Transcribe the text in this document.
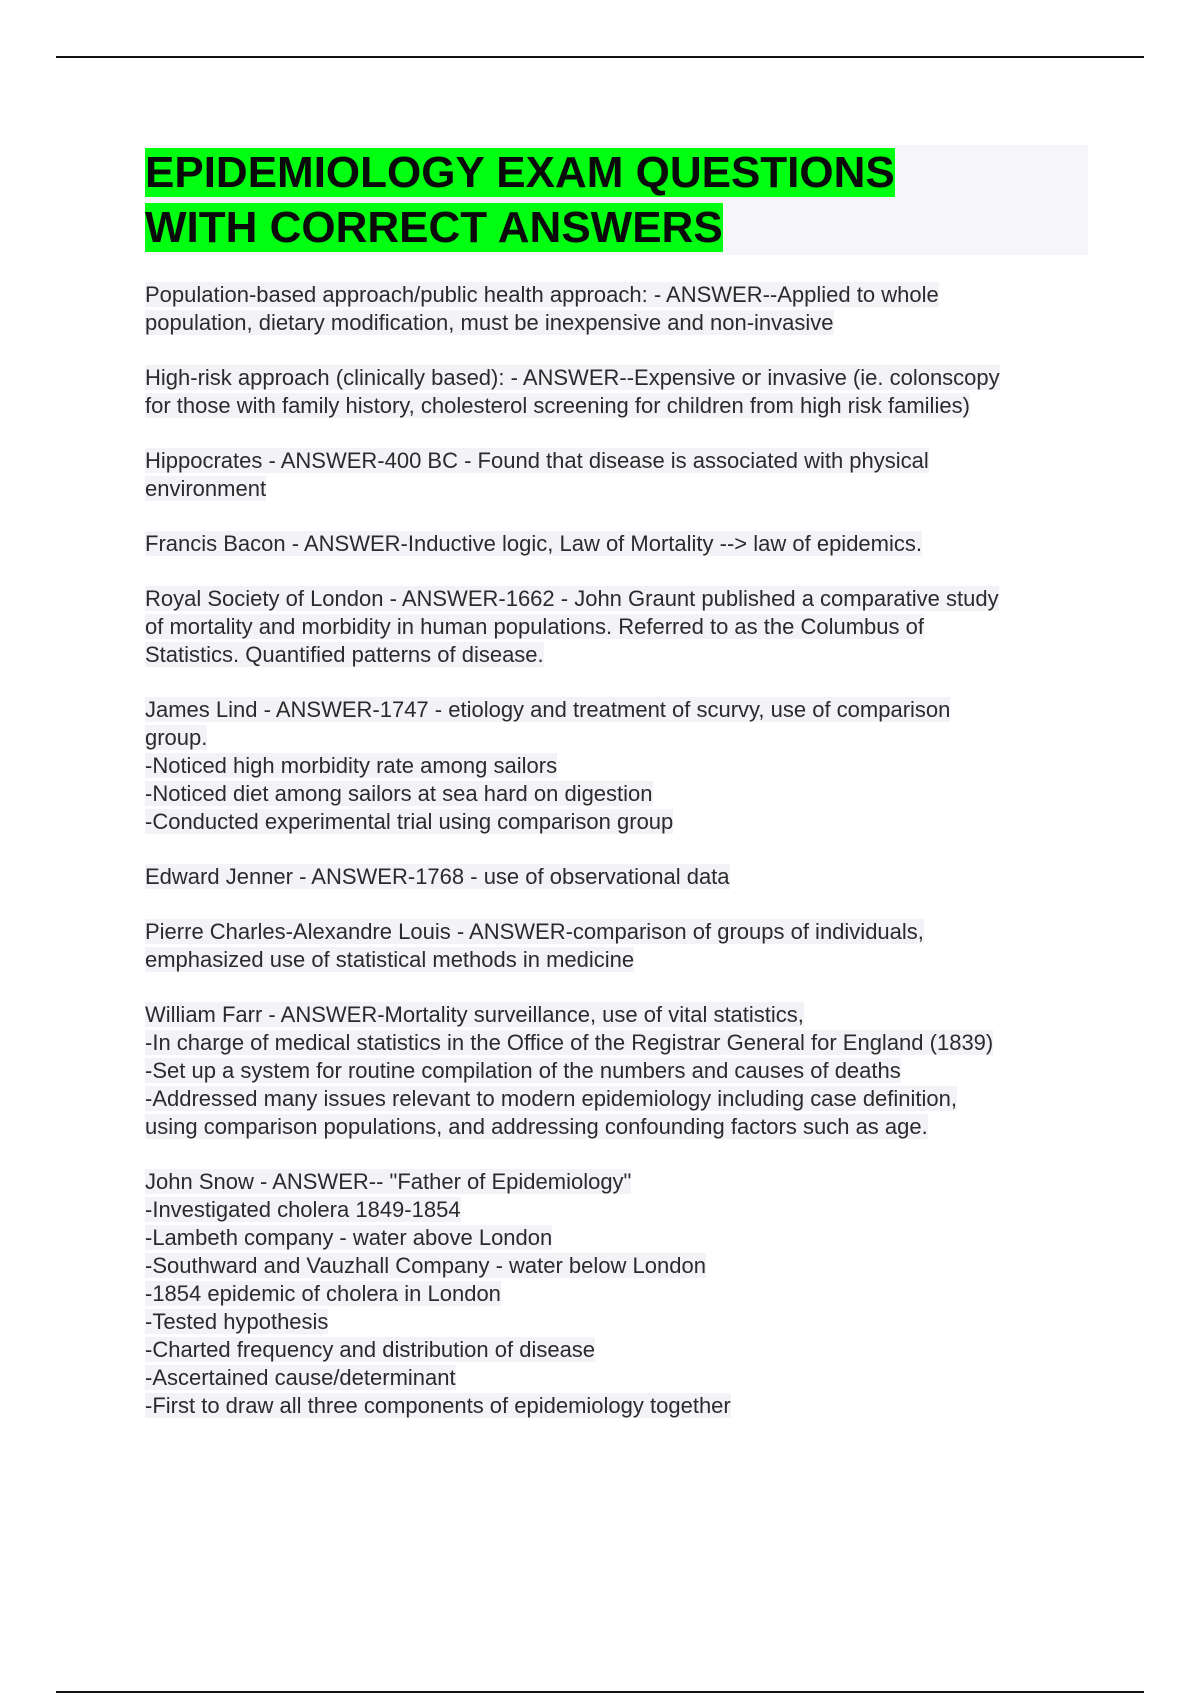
EPIDEMIOLOGY EXAM QUESTIONS
WITH CORRECT ANSWERS
Population-based approach/public health approach: - ANSWER--Applied to whole
population, dietary modification, must be inexpensive and non-invasive
High-risk approach (clinically based): - ANSWER--Expensive or invasive (ie. colonscopy
for those with family history, cholesterol screening for children from high risk families)
Hippocrates - ANSWER-400 BC - Found that disease is associated with physical
environment
Francis Bacon - ANSWER-Inductive logic, Law of Mortality --> law of epidemics.
Royal Society of London - ANSWER-1662 - John Graunt published a comparative study
of mortality and morbidity in human populations. Referred to as the Columbus of
Statistics. Quantified patterns of disease.
James Lind - ANSWER-1747 - etiology and treatment of scurvy, use of comparison
group.
-Noticed high morbidity rate among sailors
-Noticed diet among sailors at sea hard on digestion
-Conducted experimental trial using comparison group
Edward Jenner - ANSWER-1768 - use of observational data
Pierre Charles-Alexandre Louis - ANSWER-comparison of groups of individuals,
emphasized use of statistical methods in medicine
William Farr - ANSWER-Mortality surveillance, use of vital statistics,
-In charge of medical statistics in the Office of the Registrar General for England (1839)
-Set up a system for routine compilation of the numbers and causes of deaths
-Addressed many issues relevant to modern epidemiology including case definition,
using comparison populations, and addressing confounding factors such as age.
John Snow - ANSWER-- "Father of Epidemiology"
-Investigated cholera 1849-1854
-Lambeth company - water above London
-Southward and Vauzhall Company - water below London
-1854 epidemic of cholera in London
-Tested hypothesis
-Charted frequency and distribution of disease
-Ascertained cause/determinant
-First to draw all three components of epidemiology together
